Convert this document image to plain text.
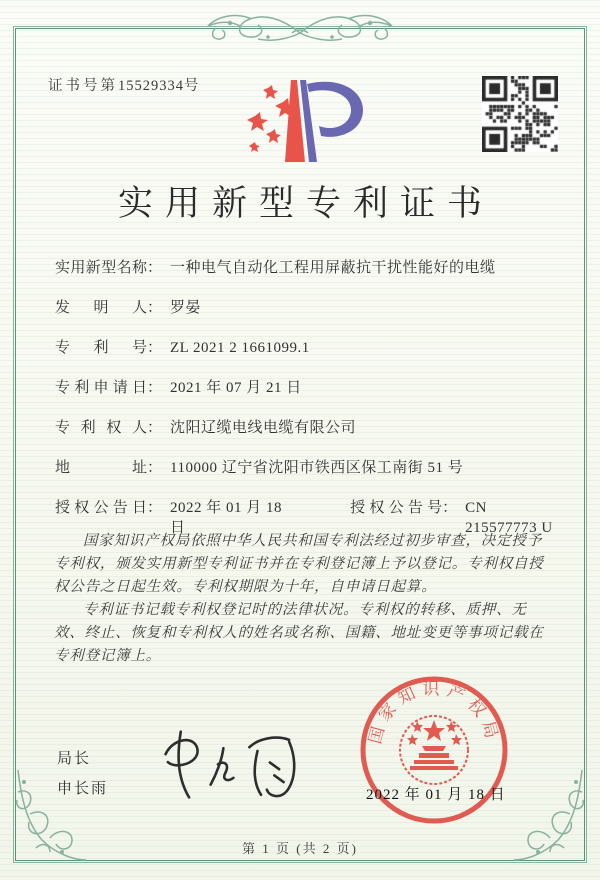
证书号第15529334号
实用新型专利证书
实用新型名称 ： 一种电气自动化工程用屏蔽抗干扰性能好的电缆
发明人 ： 罗晏
专利号 ： ZL 2021 2 1661099.1
专利申请日 ： 2021 年 07 月 21 日
专利权人 ： 沈阳辽缆电线电缆有限公司
地址 ： 110000 辽宁省沈阳市铁西区保工南街 51 号
授权公告日 ： 2022 年 01 月 18 日
授权公告号 ： CN 215577773 U

国家知识产权局依照中华人民共和国专利法经过初步审查，决定授予专利权，颁发实用新型专利证书并在专利登记簿上予以登记。专利权自授权公告之日起生效。专利权期限为十年，自申请日起算。

专利证书记载专利权登记时的法律状况。专利权的转移、质押、无效、终止、恢复和专利权人的姓名或名称、国籍、地址变更等事项记载在专利登记簿上。

局长
申长雨
国家知识产权局
2022 年 01 月 18 日
第 1 页 (共 2 页)
